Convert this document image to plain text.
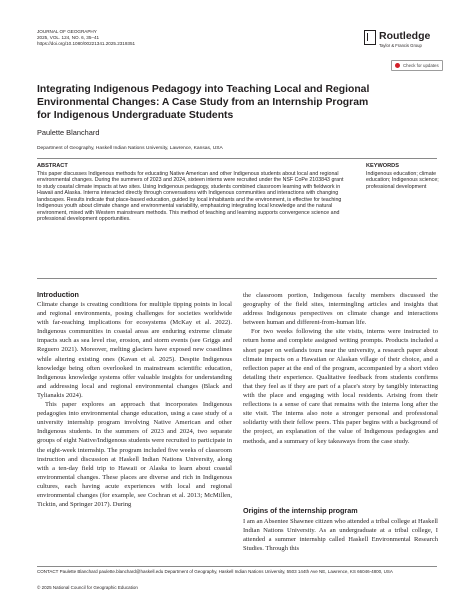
JOURNAL OF GEOGRAPHY
2025, VOL. 124, NO. 6, 35–41
https://doi.org/10.1080/00221341.2025.2319351
Routledge
Taylor & Francis Group
Check for updates
Integrating Indigenous Pedagogy into Teaching Local and Regional Environmental Changes: A Case Study from an Internship Program for Indigenous Undergraduate Students
Paulette Blanchard
Department of Geography, Haskell Indian Nations University, Lawrence, Kansas, USA
ABSTRACT
This paper discusses Indigenous methods for educating Native American and other Indigenous students about local and regional environmental changes. During the summers of 2023 and 2024, sixteen interns were recruited under the NSF CoPe 2103843 grant to study coastal climate impacts at two sites. Using Indigenous pedagogy, students combined classroom learning with fieldwork in Hawaii and Alaska. Interns interacted directly through conversations with Indigenous communities and interactions with changing landscapes. Results indicate that place-based education, guided by local inhabitants and the environment, is effective for teaching Indigenous youth about climate change and environmental variability, emphasizing integrating local knowledge and the natural environment, mixed with Western mainstream methods. This method of teaching and learning supports convergence science and professional development opportunities.
KEYWORDS
Indigenous education; climate education; Indigenous science; professional development
Introduction

Climate change is creating conditions for multiple tipping points in local and regional environments, posing challenges for societies worldwide with far-reaching implications for ecosystems (McKay et al. 2022). Indigenous communities in coastal areas are enduring extreme climate impacts such as sea level rise, erosion, and storm events (see Griggs and Reguero 2021). Moreover, melting glaciers have exposed new coastlines while altering existing ones (Kavan et al. 2025). Despite Indigenous knowledge being often overlooked in mainstream scientific education, Indigenous knowledge systems offer valuable insights for understanding and addressing local and regional environmental changes (Black and Tylianakis 2024).

This paper explores an approach that incorporates Indigenous pedagogies into environmental change education, using a case study of a university internship program involving Native American and other Indigenous students. In the summers of 2023 and 2024, two separate groups of eight Native/Indigenous students were recruited to participate in the eight-week internship. The program included five weeks of classroom instruction and discussion at Haskell Indian Nations University, along with a ten-day field trip to Hawaii or Alaska to learn about coastal environmental changes. These places are diverse and rich in Indigenous cultures, each having acute experiences with local and regional environmental changes (for example, see Cochran et al. 2013; McMillen, Ticktin, and Springer 2017). During

the classroom portion, Indigenous faculty members discussed the geography of the field sites, intermingling articles and insights that address Indigenous perspectives on climate change and interactions between human and different-from-human life.

For two weeks following the site visits, interns were instructed to return home and complete assigned writing prompts. Products included a short paper on wetlands tours near the university, a research paper about climate impacts on a Hawaiian or Alaskan village of their choice, and a reflection paper at the end of the program, accompanied by a short video detailing their experience. Qualitative feedback from students confirms that they feel as if they are part of a place's story by tangibly interacting with the place and engaging with local residents. Arising from their reflections is a sense of care that remains with the interns long after the site visit. The interns also note a stronger personal and professional solidarity with their fellow peers. This paper begins with a background of the project, an explanation of the value of Indigenous pedagogies and methods, and a summary of key takeaways from the case study.

Origins of the internship program
I am an Absentee Shawnee citizen who attended a tribal college at Haskell Indian Nations University. As an undergraduate at a tribal college, I attended a summer internship called Haskell Environmental Research Studies. Through this
CONTACT Paulette Blanchard paulette.blanchard@haskell.edu Department of Geography, Haskell Indian Nations University, 5503 144th Ave NE, Lawrence, KS 66046-4800, USA
© 2025 National Council for Geographic Education
